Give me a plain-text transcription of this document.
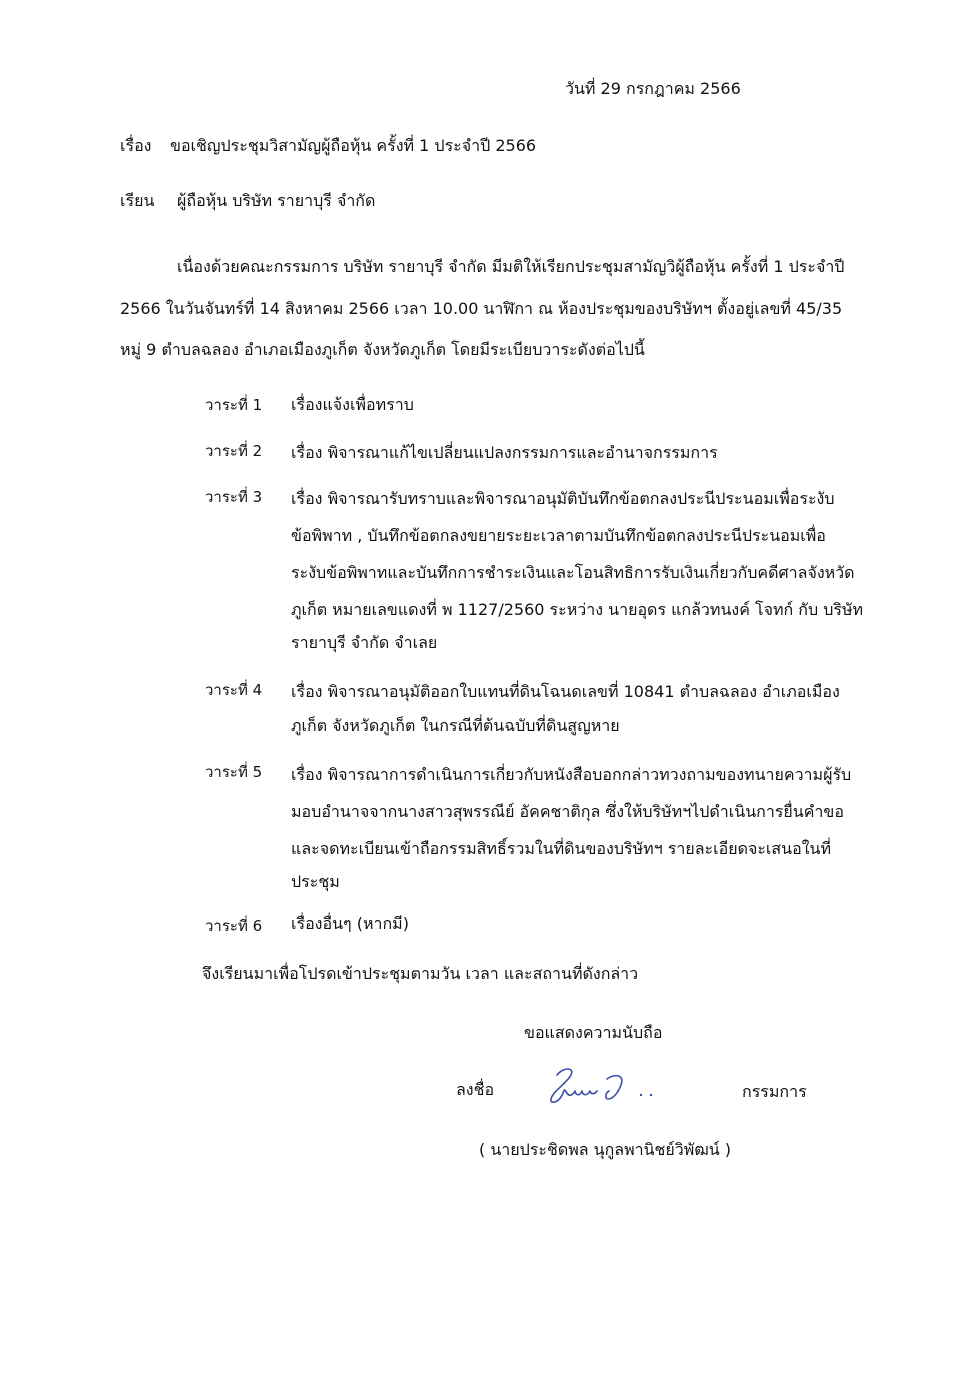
วันที่ 29 กรกฎาคม 2566
เรื่อง ขอเชิญประชุมวิสามัญผู้ถือหุ้น ครั้งที่ 1 ประจำปี 2566
เรียน ผู้ถือหุ้น บริษัท รายาบุรี จำกัด
เนื่องด้วยคณะกรรมการ บริษัท รายาบุรี จำกัด มีมติให้เรียกประชุมสามัญวิผู้ถือหุ้น ครั้งที่ 1 ประจำปี
2566 ในวันจันทร์ที่ 14 สิงหาคม 2566 เวลา 10.00 นาฬิกา ณ ห้องประชุมของบริษัทฯ ตั้งอยู่เลขที่ 45/35
หมู่ 9 ตำบลฉลอง อำเภอเมืองภูเก็ต จังหวัดภูเก็ต โดยมีระเบียบวาระดังต่อไปนี้
วาระที่ 1 เรื่องแจ้งเพื่อทราบ
วาระที่ 2 เรื่อง พิจารณาแก้ไขเปลี่ยนแปลงกรรมการและอำนาจกรรมการ
วาระที่ 3 เรื่อง พิจารณารับทราบและพิจารณาอนุมัติบันทึกข้อตกลงประนีประนอมเพื่อระงับ
ข้อพิพาท , บันทึกข้อตกลงขยายระยะเวลาตามบันทึกข้อตกลงประนีประนอมเพื่อ
ระงับข้อพิพาทและบันทึกการชำระเงินและโอนสิทธิการรับเงินเกี่ยวกับคดีศาลจังหวัด
ภูเก็ต หมายเลขแดงที่ พ 1127/2560 ระหว่าง นายอุดร แกล้วทนงค์ โจทก์ กับ บริษัท
รายาบุรี จำกัด จำเลย
วาระที่ 4 เรื่อง พิจารณาอนุมัติออกใบแทนที่ดินโฉนดเลขที่ 10841 ตำบลฉลอง อำเภอเมือง
ภูเก็ต จังหวัดภูเก็ต ในกรณีที่ต้นฉบับที่ดินสูญหาย
วาระที่ 5 เรื่อง พิจารณาการดำเนินการเกี่ยวกับหนังสือบอกกล่าวทวงถามของทนายความผู้รับ
มอบอำนาจจากนางสาวสุพรรณีย์ อัคคชาติกุล ซึ่งให้บริษัทฯไปดำเนินการยื่นคำขอ
และจดทะเบียนเข้าถือกรรมสิทธิ์รวมในที่ดินของบริษัทฯ รายละเอียดจะเสนอในที่
ประชุม
วาระที่ 6 เรื่องอื่นๆ (หากมี)
จึงเรียนมาเพื่อโปรดเข้าประชุมตามวัน เวลา และสถานที่ดังกล่าว
ขอแสดงความนับถือ
ลงชื่อ	กรรมการ
( นายประชิดพล นุกูลพานิชย์วิพัฒน์ )
